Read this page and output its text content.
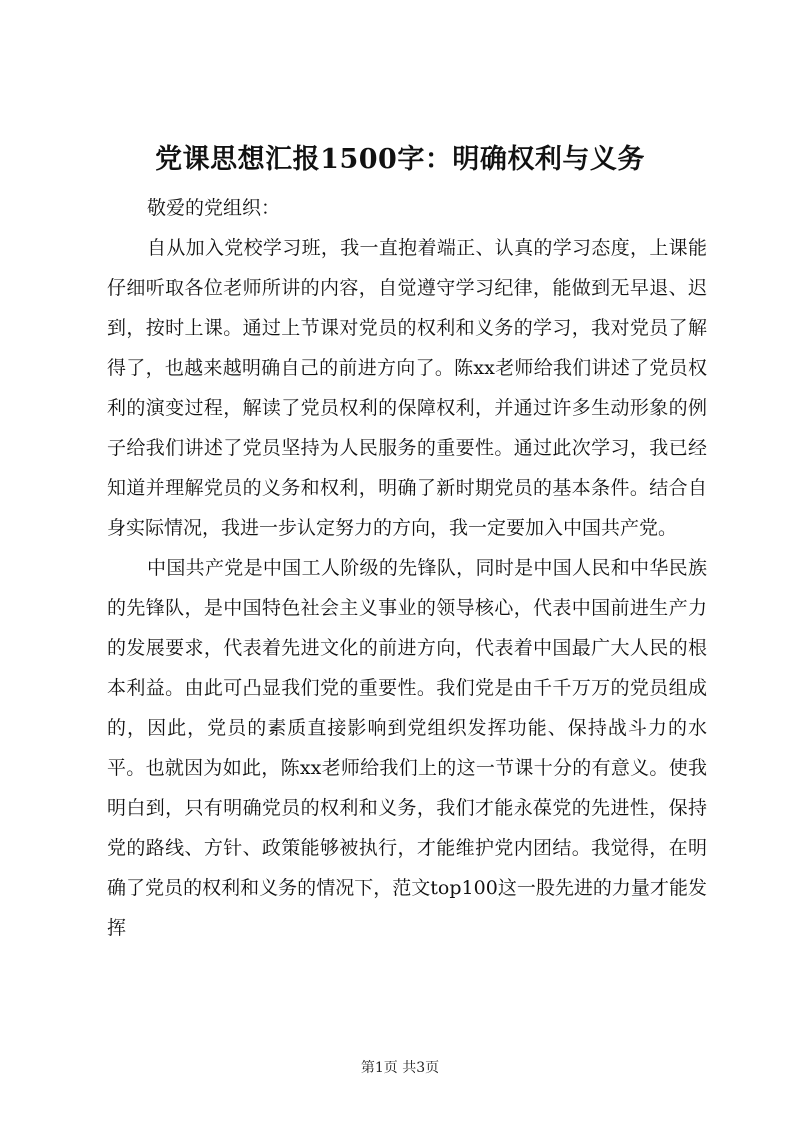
党课思想汇报1500字：明确权利与义务

敬爱的党组织：

自从加入党校学习班，我一直抱着端正、认真的学习态度，上课能仔细听取各位老师所讲的内容，自觉遵守学习纪律，能做到无早退、迟到，按时上课。通过上节课对党员的权利和义务的学习，我对党员了解得了，也越来越明确自己的前进方向了。陈xx老师给我们讲述了党员权利的演变过程，解读了党员权利的保障权利，并通过许多生动形象的例子给我们讲述了党员坚持为人民服务的重要性。通过此次学习，我已经知道并理解党员的义务和权利，明确了新时期党员的基本条件。结合自身实际情况，我进一步认定努力的方向，我一定要加入中国共产党。

中国共产党是中国工人阶级的先锋队，同时是中国人民和中华民族的先锋队，是中国特色社会主义事业的领导核心，代表中国前进生产力的发展要求，代表着先进文化的前进方向，代表着中国最广大人民的根本利益。由此可凸显我们党的重要性。我们党是由千千万万的党员组成的，因此，党员的素质直接影响到党组织发挥功能、保持战斗力的水平。也就因为如此，陈xx老师给我们上的这一节课十分的有意义。使我明白到，只有明确党员的权利和义务，我们才能永葆党的先进性，保持党的路线、方针、政策能够被执行，才能维护党内团结。我觉得，在明确了党员的权利和义务的情况下，范文top100这一股先进的力量才能发挥

第1页 共3页
